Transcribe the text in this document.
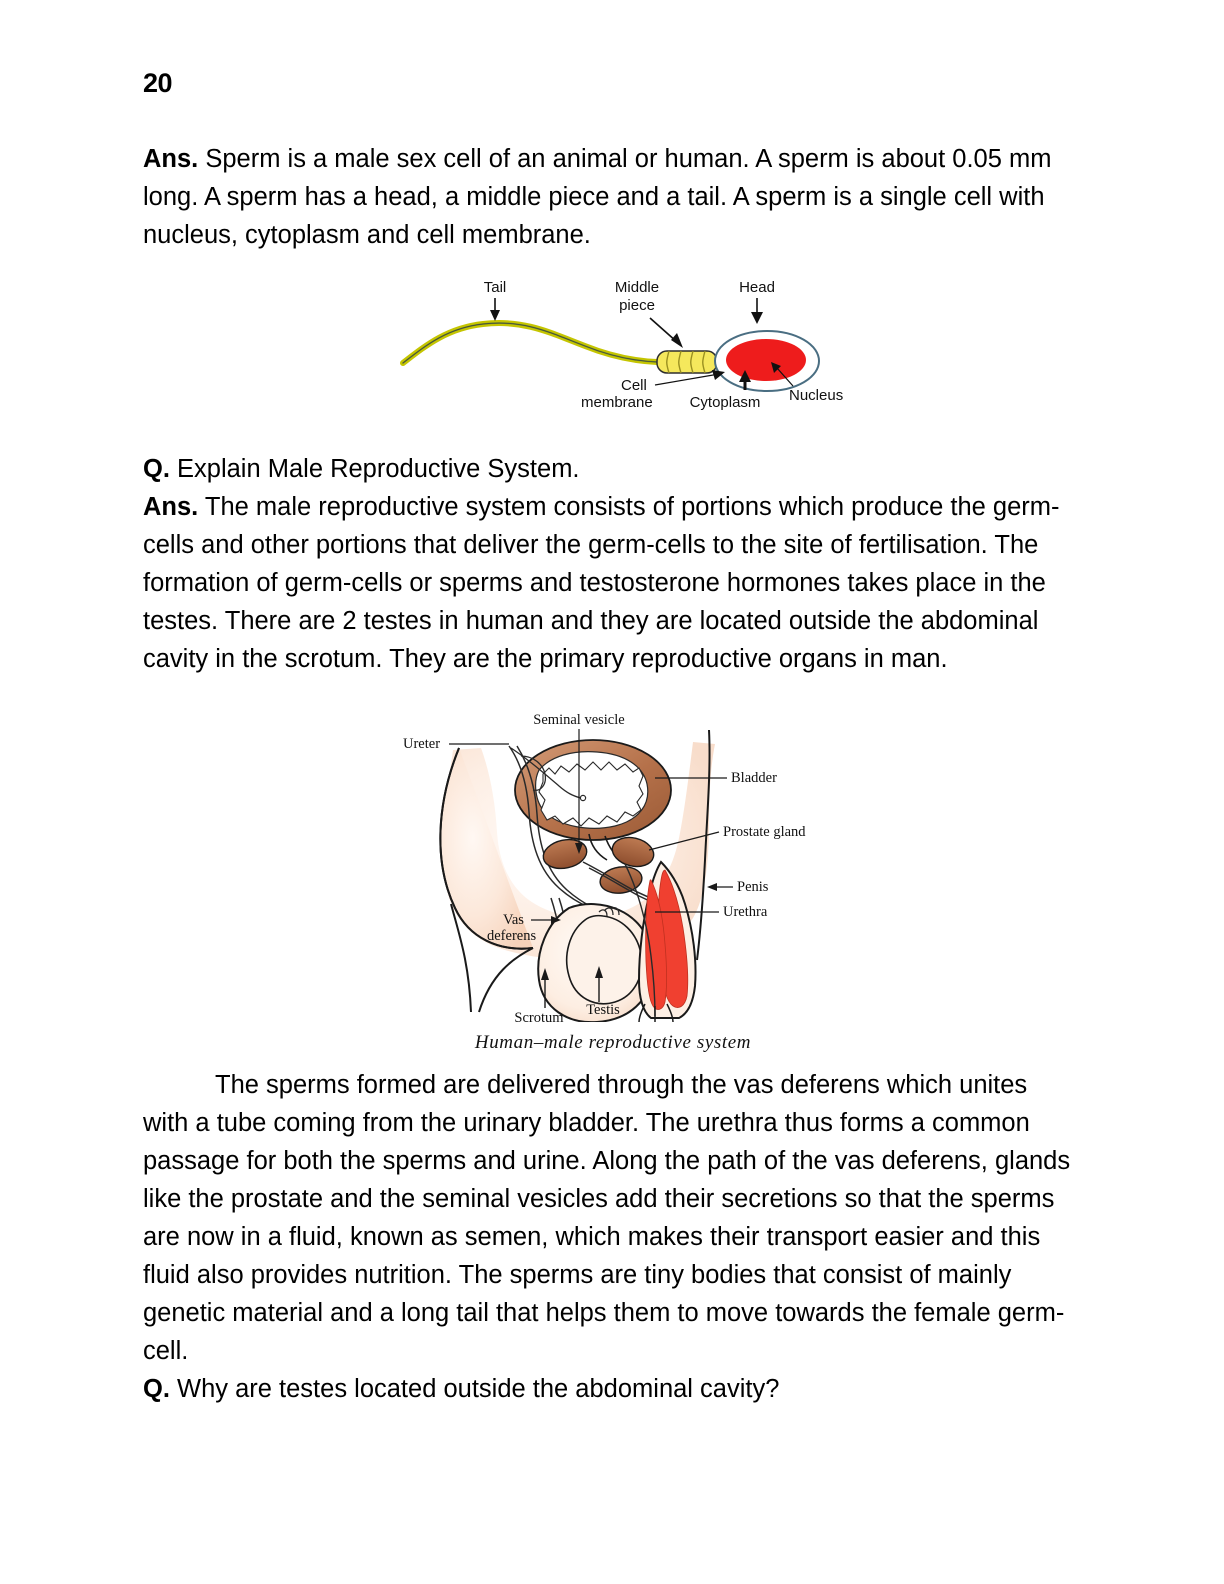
20
Ans. Sperm is a male sex cell of an animal or human. A sperm is about 0.05 mm long. A sperm has a head, a middle piece and a tail. A sperm is a single cell with nucleus, cytoplasm and cell membrane.
Tail	Middle
piece
Head
Cell
membrane Cytoplasm Nucleus
Q. Explain Male Reproductive System.
Ans. The male reproductive system consists of portions which produce the germ-cells and other portions that deliver the germ-cells to the site of fertilisation. The formation of germ-cells or sperms and testosterone hormones takes place in the testes. There are 2 testes in human and they are located outside the abdominal cavity in the scrotum. They are the primary reproductive organs in man.
Seminal vesicle
Ureter
Bladder
Prostate gland
Penis
Urethra
Vas
deferens
Testis
Scrotum
Human–male reproductive system
The sperms formed are delivered through the vas deferens which unites with a tube coming from the urinary bladder. The urethra thus forms a common passage for both the sperms and urine. Along the path of the vas deferens, glands like the prostate and the seminal vesicles add their secretions so that the sperms are now in a fluid, known as semen, which makes their transport easier and this fluid also provides nutrition. The sperms are tiny bodies that consist of mainly genetic material and a long tail that helps them to move towards the female germ-cell.
Q. Why are testes located outside the abdominal cavity?
